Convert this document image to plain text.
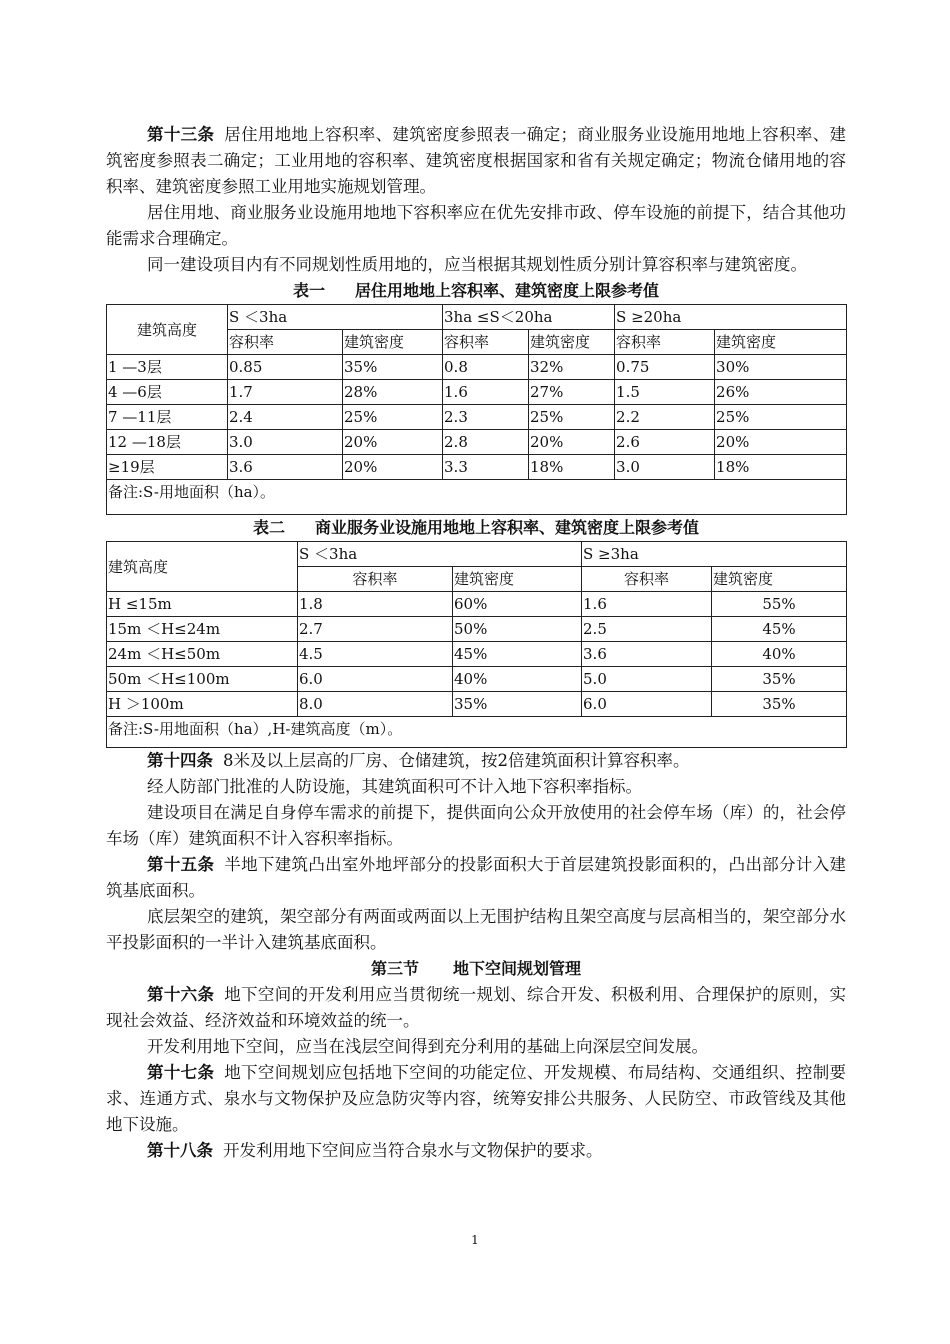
第十三条 居住用地地上容积率、建筑密度参照表一确定；商业服务业设施用地地上容积率、建筑密度参照表二确定；工业用地的容积率、建筑密度根据国家和省有关规定确定；物流仓储用地的容积率、建筑密度参照工业用地实施规划管理。

居住用地、商业服务业设施用地地下容积率应在优先安排市政、停车设施的前提下，结合其他功能需求合理确定。

同一建设项目内有不同规划性质用地的，应当根据其规划性质分别计算容积率与建筑密度。

表一 居住用地地上容积率、建筑密度上限参考值
建筑高度	S ＜3ha		3ha ≤S＜20ha		S ≥20ha	
	容积率	建筑密度	容积率	建筑密度	容积率	建筑密度
1 —3层	0.85	35%	0.8	32%	0.75	30%
4 —6层	1.7	28%	1.6	27%	1.5	26%
7 —11层	2.4	25%	2.3	25%	2.2	25%
12 —18层	3.0	20%	2.8	20%	2.6	20%
≥19层	3.6	20%	3.3	18%	3.0	18%
备注:S-用地面积（ha）。						
表二 商业服务业设施用地地上容积率、建筑密度上限参考值
建筑高度	S ＜3ha		S ≥3ha	
	容积率	建筑密度	容积率	建筑密度
H ≤15m	1.8	60%	1.6	55%
15m ＜H≤24m	2.7	50%	2.5	45%
24m ＜H≤50m	4.5	45%	3.6	40%
50m ＜H≤100m	6.0	40%	5.0	35%
H ＞100m	8.0	35%	6.0	35%
备注:S-用地面积（ha）,H-建筑高度（m）。				

第十四条 8米及以上层高的厂房、仓储建筑，按2倍建筑面积计算容积率。

经人防部门批准的人防设施，其建筑面积可不计入地下容积率指标。

建设项目在满足自身停车需求的前提下，提供面向公众开放使用的社会停车场（库）的，社会停车场（库）建筑面积不计入容积率指标。

第十五条 半地下建筑凸出室外地坪部分的投影面积大于首层建筑投影面积的，凸出部分计入建筑基底面积。

底层架空的建筑，架空部分有两面或两面以上无围护结构且架空高度与层高相当的，架空部分水平投影面积的一半计入建筑基底面积。

第三节 地下空间规划管理

第十六条 地下空间的开发利用应当贯彻统一规划、综合开发、积极利用、合理保护的原则，实现社会效益、经济效益和环境效益的统一。

开发利用地下空间，应当在浅层空间得到充分利用的基础上向深层空间发展。

第十七条 地下空间规划应包括地下空间的功能定位、开发规模、布局结构、交通组织、控制要求、连通方式、泉水与文物保护及应急防灾等内容，统筹安排公共服务、人民防空、市政管线及其他地下设施。

第十八条 开发利用地下空间应当符合泉水与文物保护的要求。

1
